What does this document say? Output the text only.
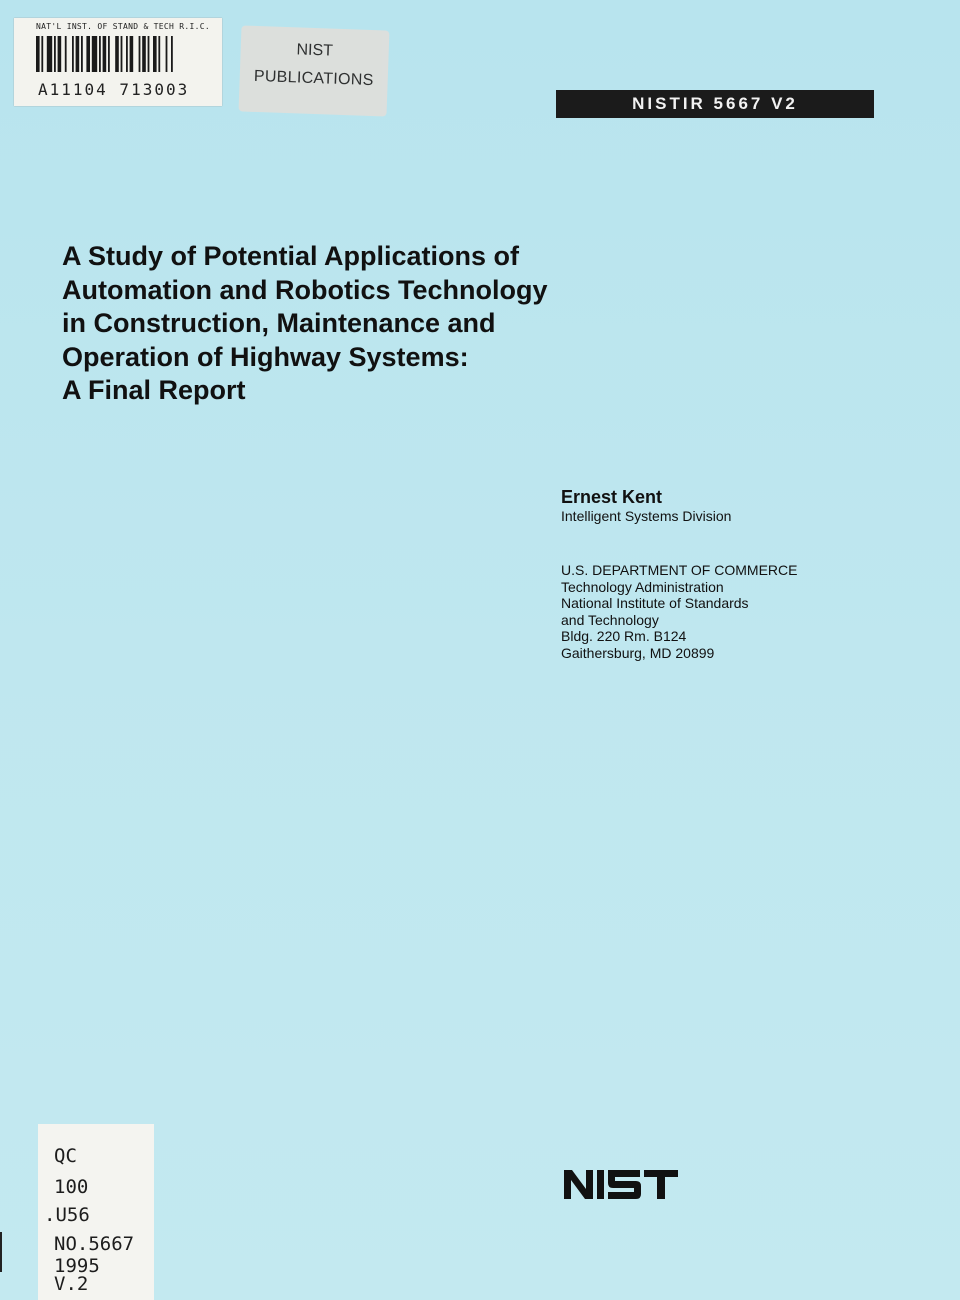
NAT'L INST. OF STAND & TECH R.I.C.
A11104 713003
NIST
PUBLICATIONS
NISTIR 5667 V2
A Study of Potential Applications of
Automation and Robotics Technology
in Construction, Maintenance and
Operation of Highway Systems:
A Final Report
Ernest Kent
Intelligent Systems Division
U.S. DEPARTMENT OF COMMERCE
Technology Administration
National Institute of Standards
and Technology
Bldg. 220 Rm. B124
Gaithersburg, MD 20899
QC
100
.U56
NO.5667
1995
V.2
